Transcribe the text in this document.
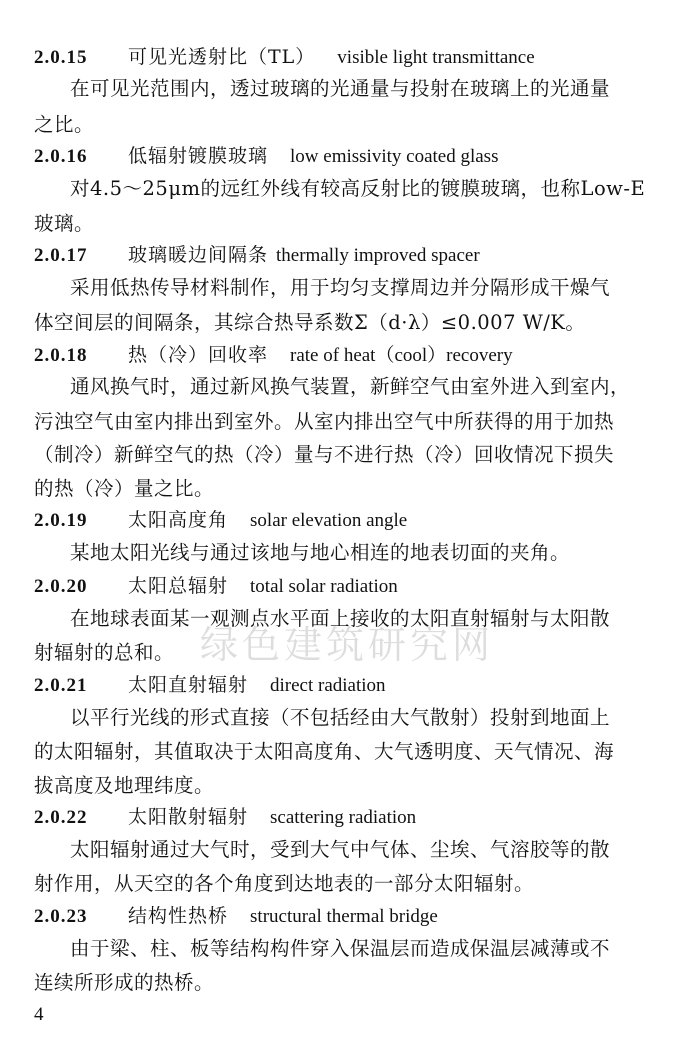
2.0.15 可见光透射比（TL） visible light transmittance
在可见光范围内，透过玻璃的光通量与投射在玻璃上的光通量
之比。
2.0.16 低辐射镀膜玻璃 low emissivity coated glass
对4.5～25μm的远红外线有较高反射比的镀膜玻璃，也称Low-E
玻璃。
2.0.17 玻璃暖边间隔条 thermally improved spacer
采用低热传导材料制作，用于均匀支撑周边并分隔形成干燥气
体空间层的间隔条，其综合热导系数Σ（d·λ）≤0.007 W/K。
2.0.18 热（冷）回收率 rate of heat（cool）recovery
通风换气时，通过新风换气装置，新鲜空气由室外进入到室内，
污浊空气由室内排出到室外。从室内排出空气中所获得的用于加热
（制冷）新鲜空气的热（冷）量与不进行热（冷）回收情况下损失
的热（冷）量之比。
2.0.19 太阳高度角 solar elevation angle
某地太阳光线与通过该地与地心相连的地表切面的夹角。
2.0.20 太阳总辐射 total solar radiation
在地球表面某一观测点水平面上接收的太阳直射辐射与太阳散
射辐射的总和。
2.0.21 太阳直射辐射 direct radiation
以平行光线的形式直接（不包括经由大气散射）投射到地面上
的太阳辐射，其值取决于太阳高度角、大气透明度、天气情况、海
拔高度及地理纬度。
2.0.22 太阳散射辐射 scattering radiation
太阳辐射通过大气时，受到大气中气体、尘埃、气溶胶等的散
射作用，从天空的各个角度到达地表的一部分太阳辐射。
2.0.23 结构性热桥 structural thermal bridge
由于梁、柱、板等结构构件穿入保温层而造成保温层减薄或不
连续所形成的热桥。
绿色建筑研究网
4
